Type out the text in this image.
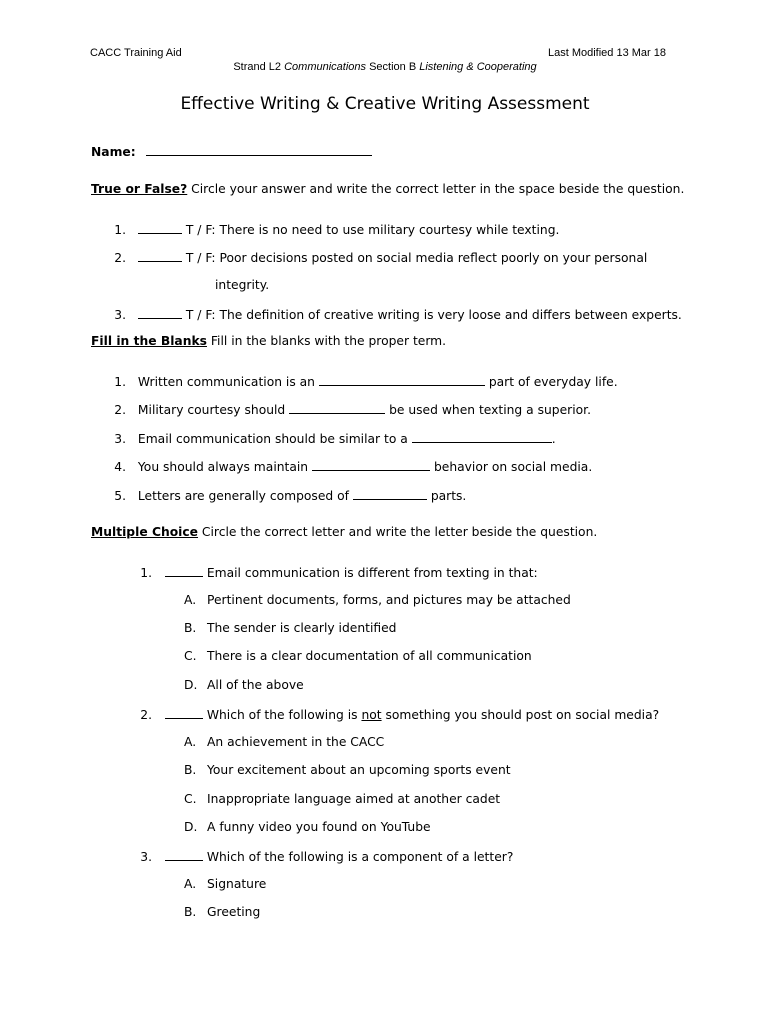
CACC Training Aid	Last Modified 13 Mar 18
Strand L2 Communications Section B Listening & Cooperating
Effective Writing & Creative Writing Assessment
Name:
True or False? Circle your answer and write the correct letter in the space beside the question.
1.	T / F: There is no need to use military courtesy while texting.
2.	T / F: Poor decisions posted on social media reflect poorly on your personal
integrity.
3.	T / F: The definition of creative writing is very loose and differs between experts.
Fill in the Blanks Fill in the blanks with the proper term.
1. Written communication is an	part of everyday life.
2. Military courtesy should	be used when texting a superior.
3. Email communication should be similar to a	.
4. You should always maintain	behavior on social media.
5. Letters are generally composed of	parts.
Multiple Choice Circle the correct letter and write the letter beside the question.
1.	Email communication is different from texting in that:
A. Pertinent documents, forms, and pictures may be attached
B. The sender is clearly identified
C. There is a clear documentation of all communication
D. All of the above
2.	Which of the following is not something you should post on social media?
A. An achievement in the CACC
B. Your excitement about an upcoming sports event
C. Inappropriate language aimed at another cadet
D. A funny video you found on YouTube
3.	Which of the following is a component of a letter?
A. Signature
B. Greeting
